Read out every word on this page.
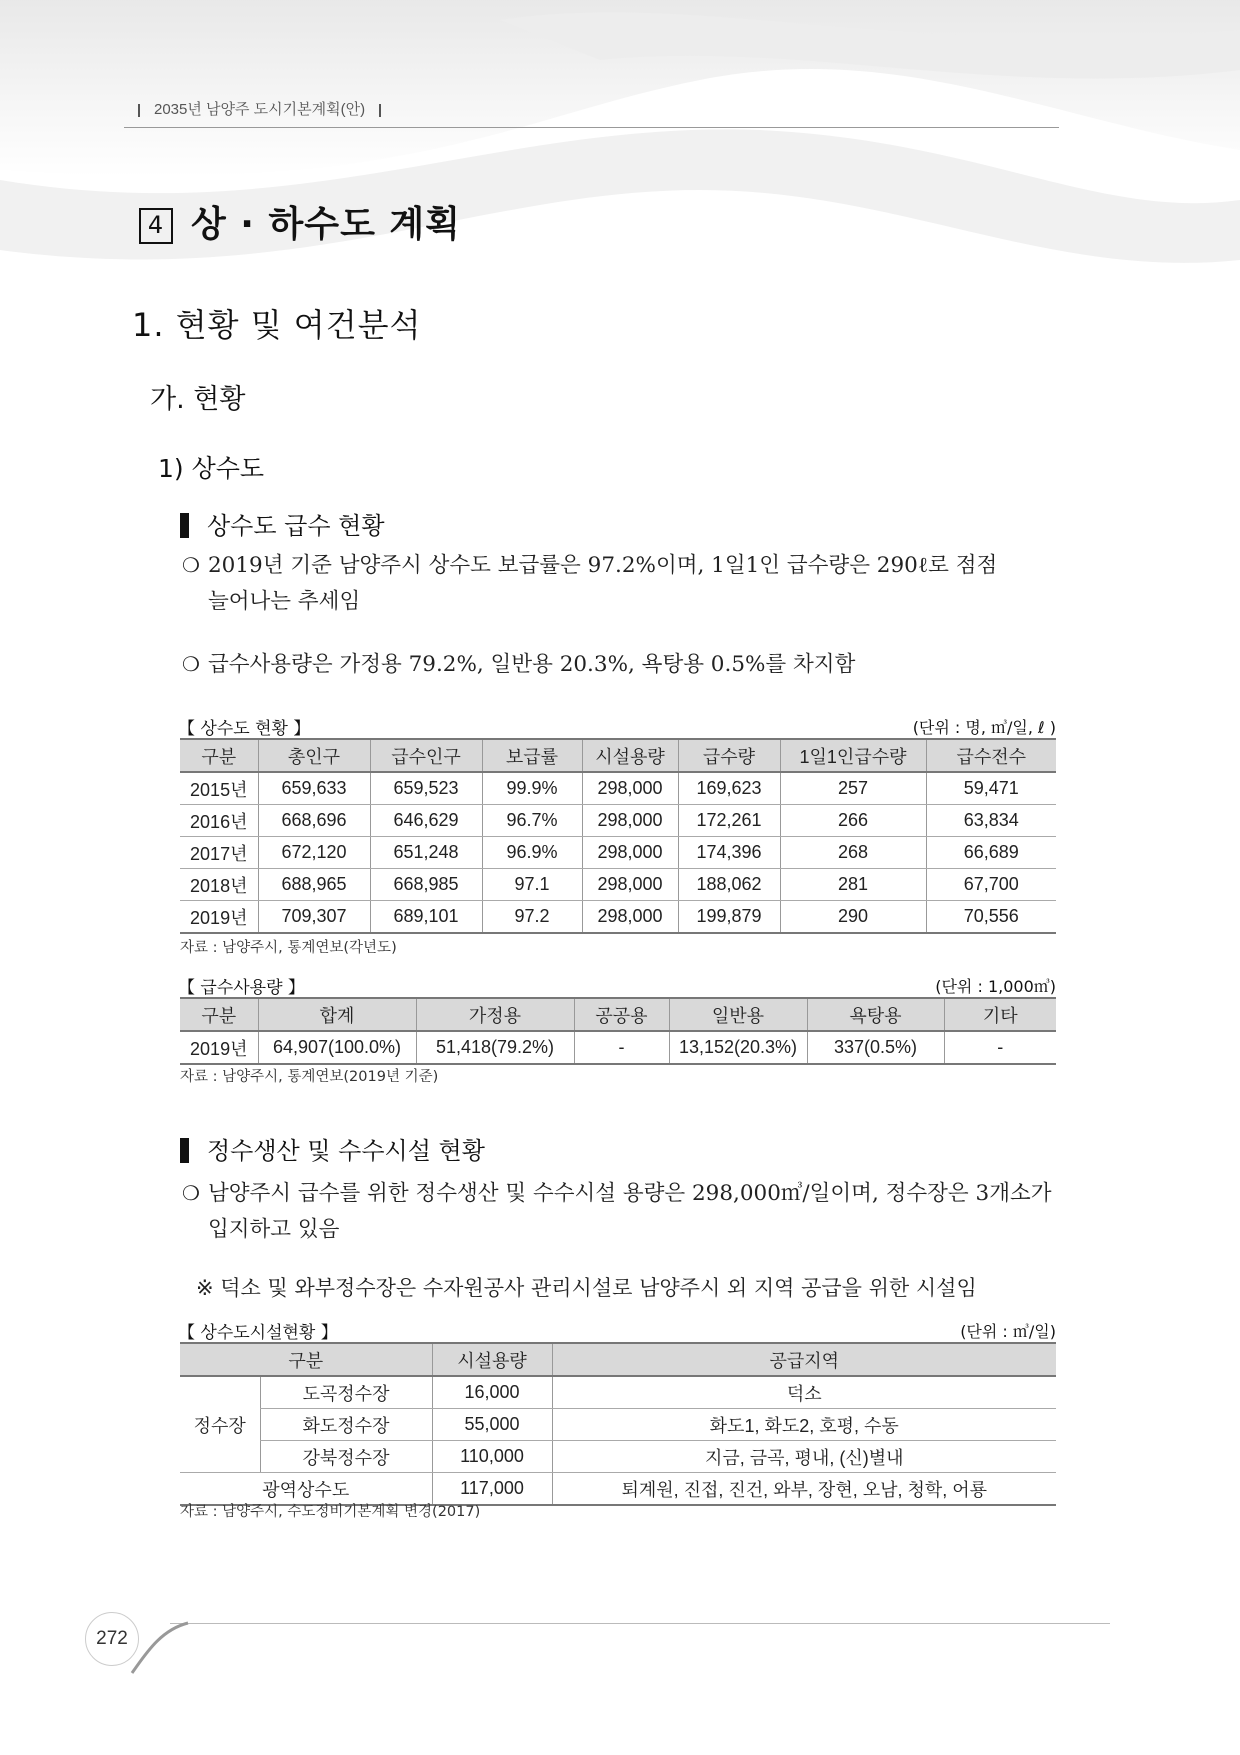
2035년 남양주 도시기본계획(안)
4 상 · 하수도 계획
1. 현황 및 여건분석
가. 현황
1) 상수도
상수도 급수 현황
❍ 2019년 기준 남양주시 상수도 보급률은 97.2%이며, 1일1인 급수량은 290ℓ로 점점
늘어나는 추세임
❍ 급수사용량은 가정용 79.2%, 일반용 20.3%, 욕탕용 0.5%를 차지함
【 상수도 현황 】	(단위 : 명, ㎥/일, ℓ )
구분	총인구	급수인구	보급률	시설용량	급수량	1일1인급수량	급수전수
2015년	659,633	659,523	99.9%	298,000	169,623	257	59,471
2016년	668,696	646,629	96.7%	298,000	172,261	266	63,834
2017년	672,120	651,248	96.9%	298,000	174,396	268	66,689
2018년	688,965	668,985	97.1	298,000	188,062	281	67,700
2019년	709,307	689,101	97.2	298,000	199,879	290	70,556
자료 : 남양주시, 통계연보(각년도)
【 급수사용량 】	(단위 : 1,000㎥)
구분	합계	가정용	공공용	일반용	욕탕용	기타
2019년	64,907(100.0%)	51,418(79.2%)	-	13,152(20.3%)	337(0.5%)	-
자료 : 남양주시, 통계연보(2019년 기준)
정수생산 및 수수시설 현황
❍ 남양주시 급수를 위한 정수생산 및 수수시설 용량은 298,000㎥/일이며, 정수장은 3개소가
입지하고 있음
※ 덕소 및 와부정수장은 수자원공사 관리시설로 남양주시 외 지역 공급을 위한 시설임
【 상수도시설현황 】	(단위 : ㎥/일)
구분		시설용량	공급지역
정수장	도곡정수장	16,000	덕소
	화도정수장	55,000	화도1, 화도2, 호평, 수동
	강북정수장	110,000	지금, 금곡, 평내, (신)별내
광역상수도		117,000	퇴계원, 진접, 진건, 와부, 장현, 오남, 청학, 어룡
자료 : 남양주시, 수도정비기본계획 변경(2017)
272
